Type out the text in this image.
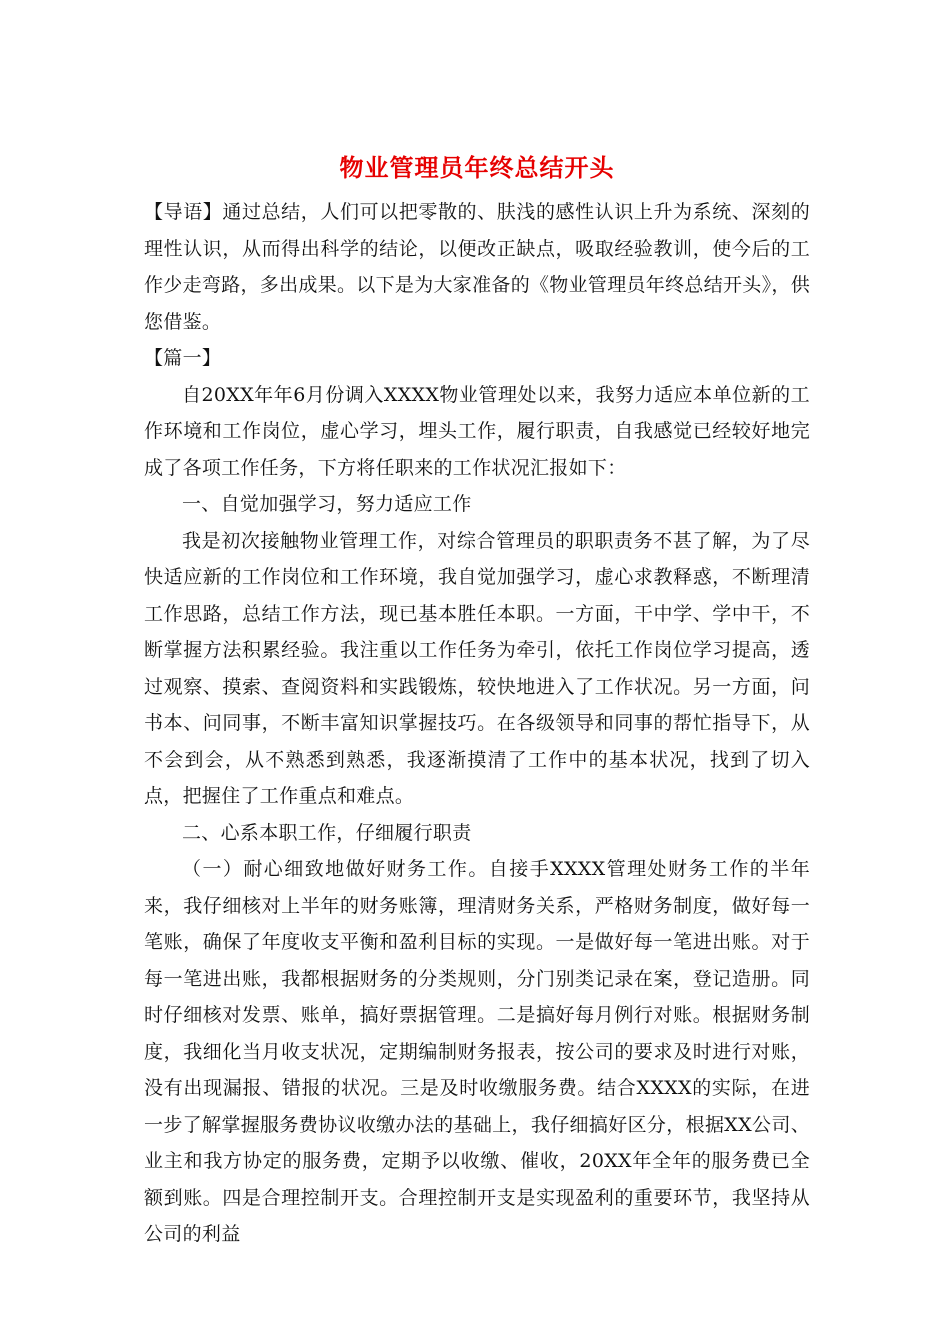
物业管理员年终总结开头

【导语】通过总结，人们可以把零散的、肤浅的感性认识上升为系统、深刻的理性认识，从而得出科学的结论，以便改正缺点，吸取经验教训，使今后的工作少走弯路，多出成果。以下是为大家准备的《物业管理员年终总结开头》，供您借鉴。

【篇一】

自20XX年年6月份调入XXXX物业管理处以来，我努力适应本单位新的工作环境和工作岗位，虚心学习，埋头工作，履行职责，自我感觉已经较好地完成了各项工作任务，下方将任职来的工作状况汇报如下：

一、自觉加强学习，努力适应工作

我是初次接触物业管理工作，对综合管理员的职职责务不甚了解，为了尽快适应新的工作岗位和工作环境，我自觉加强学习，虚心求教释惑，不断理清工作思路，总结工作方法，现已基本胜任本职。一方面，干中学、学中干，不断掌握方法积累经验。我注重以工作任务为牵引，依托工作岗位学习提高，透过观察、摸索、查阅资料和实践锻炼，较快地进入了工作状况。另一方面，问书本、问同事，不断丰富知识掌握技巧。在各级领导和同事的帮忙指导下，从不会到会，从不熟悉到熟悉，我逐渐摸清了工作中的基本状况，找到了切入点，把握住了工作重点和难点。

二、心系本职工作，仔细履行职责

（一）耐心细致地做好财务工作。自接手XXXX管理处财务工作的半年来，我仔细核对上半年的财务账簿，理清财务关系，严格财务制度，做好每一笔账，确保了年度收支平衡和盈利目标的实现。一是做好每一笔进出账。对于每一笔进出账，我都根据财务的分类规则，分门别类记录在案，登记造册。同时仔细核对发票、账单，搞好票据管理。二是搞好每月例行对账。根据财务制度，我细化当月收支状况，定期编制财务报表，按公司的要求及时进行对账，没有出现漏报、错报的状况。三是及时收缴服务费。结合XXXX的实际，在进一步了解掌握服务费协议收缴办法的基础上，我仔细搞好区分，根据XX公司、业主和我方协定的服务费，定期予以收缴、催收，20XX年全年的服务费已全额到账。四是合理控制开支。合理控制开支是实现盈利的重要环节，我坚持从公司的利益
